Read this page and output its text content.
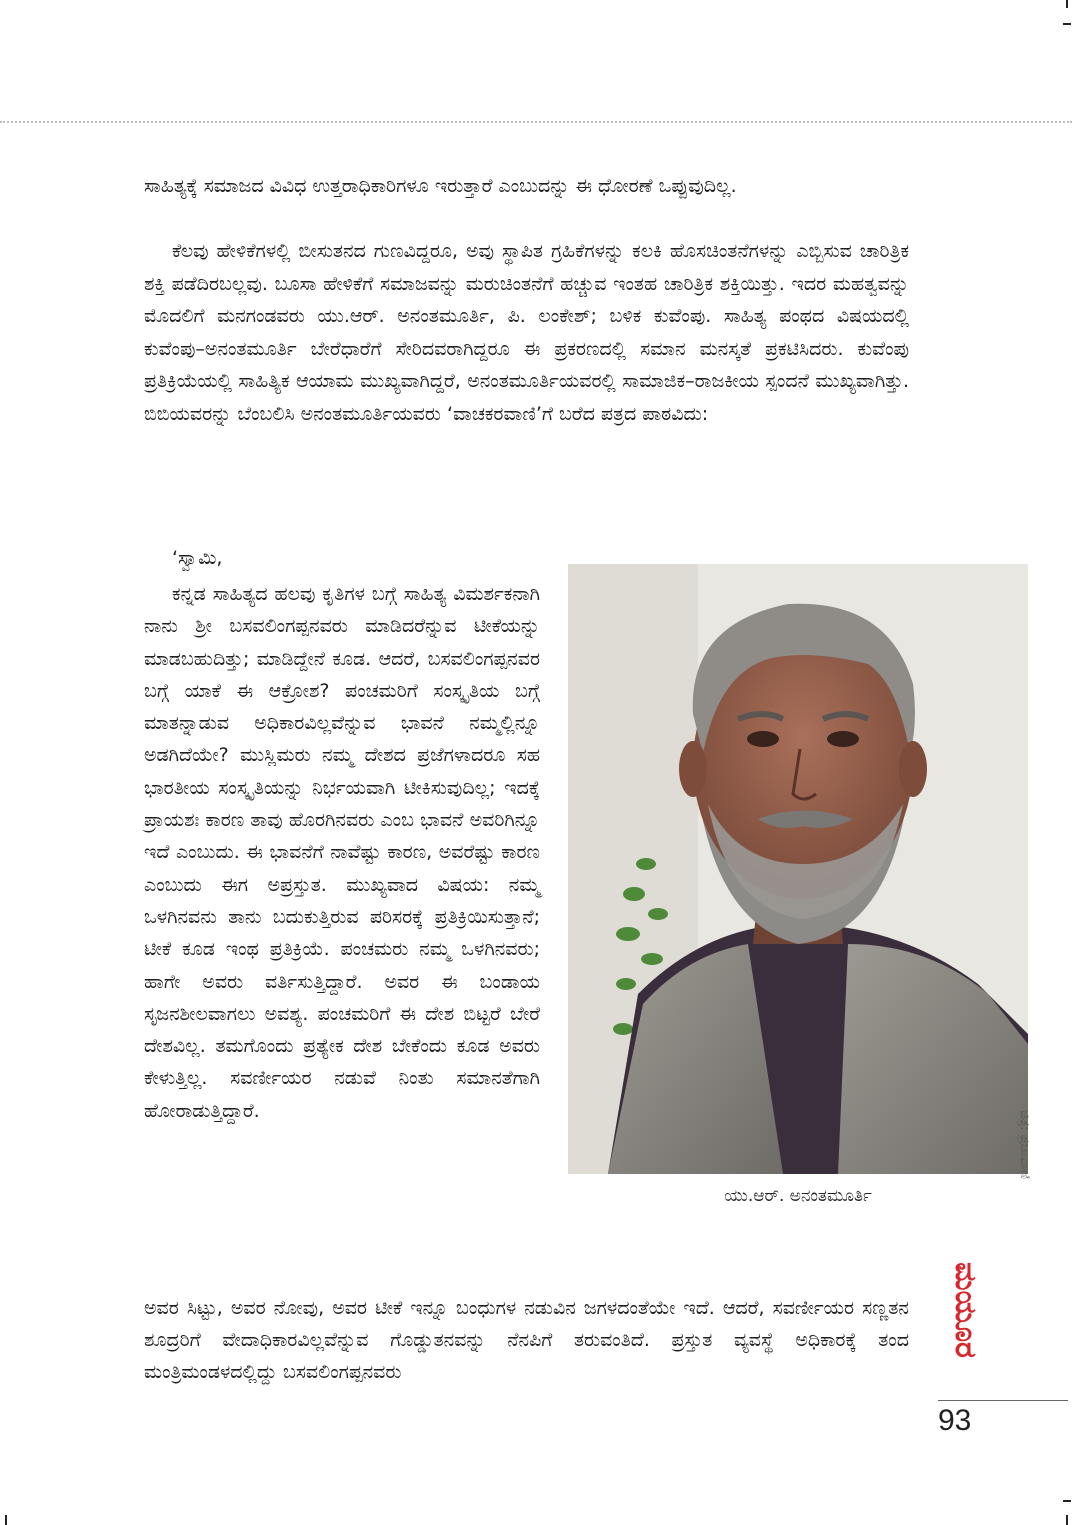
ಸಾಹಿತ್ಯಕ್ಕೆ ಸಮಾಜದ ವಿವಿಧ ಉತ್ತರಾಧಿಕಾರಿಗಳೂ ಇರುತ್ತಾರೆ ಎಂಬುದನ್ನು ಈ ಧೋರಣೆ ಒಪ್ಪುವುದಿಲ್ಲ.

ಕೆಲವು ಹೇಳಿಕೆಗಳಲ್ಲಿ ಬೀಸುತನದ ಗುಣವಿದ್ದರೂ, ಅವು ಸ್ಥಾಪಿತ ಗ್ರಹಿಕೆಗಳನ್ನು ಕಲಕಿ ಹೊಸಚಿಂತನೆಗಳನ್ನು ಎಬ್ಬಿಸುವ ಚಾರಿತ್ರಿಕ ಶಕ್ತಿ ಪಡೆದಿರಬಲ್ಲವು. ಬೂಸಾ ಹೇಳಿಕೆಗೆ ಸಮಾಜವನ್ನು ಮರುಚಿಂತನೆಗೆ ಹಚ್ಚುವ ಇಂತಹ ಚಾರಿತ್ರಿಕ ಶಕ್ತಿಯಿತ್ತು. ಇದರ ಮಹತ್ವವನ್ನು ಮೊದಲಿಗೆ ಮನಗಂಡವರು ಯು.ಆರ್. ಅನಂತಮೂರ್ತಿ, ಪಿ. ಲಂಕೇಶ್; ಬಳಿಕ ಕುವೆಂಪು. ಸಾಹಿತ್ಯ ಪಂಥದ ವಿಷಯದಲ್ಲಿ ಕುವೆಂಪು–ಅನಂತಮೂರ್ತಿ ಬೇರೆಧಾರೆಗೆ ಸೇರಿದವರಾಗಿದ್ದರೂ ಈ ಪ್ರಕರಣದಲ್ಲಿ ಸಮಾನ ಮನಸ್ಕತೆ ಪ್ರಕಟಿಸಿದರು. ಕುವೆಂಪು ಪ್ರತಿಕ್ರಿಯೆಯಲ್ಲಿ ಸಾಹಿತ್ಯಿಕ ಆಯಾಮ ಮುಖ್ಯವಾಗಿದ್ದರೆ, ಅನಂತಮೂರ್ತಿಯವರಲ್ಲಿ ಸಾಮಾಜಿಕ–ರಾಜಕೀಯ ಸ್ಪಂದನೆ ಮುಖ್ಯವಾಗಿತ್ತು. ಬಿಬಿಯವರನ್ನು ಬೆಂಬಲಿಸಿ ಅನಂತಮೂರ್ತಿಯವರು ‘ವಾಚಕರವಾಣಿ’ಗೆ ಬರೆದ ಪತ್ರದ ಪಾಠವಿದು:

‘ಸ್ವಾಮಿ,

ಕನ್ನಡ ಸಾಹಿತ್ಯದ ಹಲವು ಕೃತಿಗಳ ಬಗ್ಗೆ ಸಾಹಿತ್ಯ ವಿಮರ್ಶಕನಾಗಿ ನಾನು ಶ್ರೀ ಬಸವಲಿಂಗಪ್ಪನವರು ಮಾಡಿದರೆನ್ನುವ ಟೀಕೆಯನ್ನು ಮಾಡಬಹುದಿತ್ತು; ಮಾಡಿದ್ದೇನೆ ಕೂಡ. ಆದರೆ, ಬಸವಲಿಂಗಪ್ಪನವರ ಬಗ್ಗೆ ಯಾಕೆ ಈ ಆಕ್ರೋಶ? ಪಂಚಮರಿಗೆ ಸಂಸ್ಕೃತಿಯ ಬಗ್ಗೆ ಮಾತನ್ನಾಡುವ ಅಧಿಕಾರವಿಲ್ಲವೆನ್ನುವ ಭಾವನೆ ನಮ್ಮಲ್ಲಿನ್ನೂ ಅಡಗಿದೆಯೇ? ಮುಸ್ಲಿಮರು ನಮ್ಮ ದೇಶದ ಪ್ರಜೆಗಳಾದರೂ ಸಹ ಭಾರತೀಯ ಸಂಸ್ಕೃತಿಯನ್ನು ನಿರ್ಭಯವಾಗಿ ಟೀಕಿಸುವುದಿಲ್ಲ; ಇದಕ್ಕೆ ಪ್ರಾಯಶಃ ಕಾರಣ ತಾವು ಹೊರಗಿನವರು ಎಂಬ ಭಾವನೆ ಅವರಿಗಿನ್ನೂ ಇದೆ ಎಂಬುದು. ಈ ಭಾವನೆಗೆ ನಾವೆಷ್ಟು ಕಾರಣ, ಅವರೆಷ್ಟು ಕಾರಣ ಎಂಬುದು ಈಗ ಅಪ್ರಸ್ತುತ. ಮುಖ್ಯವಾದ ವಿಷಯ: ನಮ್ಮ ಒಳಗಿನವನು ತಾನು ಬದುಕುತ್ತಿರುವ ಪರಿಸರಕ್ಕೆ ಪ್ರತಿಕ್ರಿಯಿಸುತ್ತಾನೆ; ಟೀಕೆ ಕೂಡ ಇಂಥ ಪ್ರತಿಕ್ರಿಯೆ. ಪಂಚಮರು ನಮ್ಮ ಒಳಗಿನವರು; ಹಾಗೇ ಅವರು ವರ್ತಿಸುತ್ತಿದ್ದಾರೆ. ಅವರ ಈ ಬಂಡಾಯ ಸೃಜನಶೀಲವಾಗಲು ಅವಶ್ಯ. ಪಂಚಮರಿಗೆ ಈ ದೇಶ ಬಿಟ್ಟರೆ ಬೇರೆ ದೇಶವಿಲ್ಲ. ತಮಗೊಂದು ಪ್ರತ್ಯೇಕ ದೇಶ ಬೇಕೆಂದು ಕೂಡ ಅವರು ಕೇಳುತ್ತಿಲ್ಲ. ಸವರ್ಣೀಯರ ನಡುವೆ ನಿಂತು ಸಮಾನತೆಗಾಗಿ ಹೋರಾಡುತ್ತಿದ್ದಾರೆ.

ಯು.ಆರ್. ಅನಂತಮೂರ್ತಿ
ಚಿತ್ರ: ಪ್ರಜಾವಾಣಿ

ಅವರ ಸಿಟ್ಟು, ಅವರ ನೋವು, ಅವರ ಟೀಕೆ ಇನ್ನೂ ಬಂಧುಗಳ ನಡುವಿನ ಜಗಳದಂತೆಯೇ ಇದೆ. ಆದರೆ, ಸವರ್ಣೀಯರ ಸಣ್ಣತನ ಶೂದ್ರರಿಗೆ ವೇದಾಧಿಕಾರವಿಲ್ಲವೆನ್ನುವ ಗೊಡ್ಡುತನವನ್ನು ನೆನಪಿಗೆ ತರುವಂತಿದೆ. ಪ್ರಸ್ತುತ ವ್ಯವಸ್ಥೆ ಅಧಿಕಾರಕ್ಕೆ ತಂದ ಮಂತ್ರಿಮಂಡಳದಲ್ಲಿದ್ದು ಬಸವಲಿಂಗಪ್ಪನವರು

ಮಯೂರ
93
